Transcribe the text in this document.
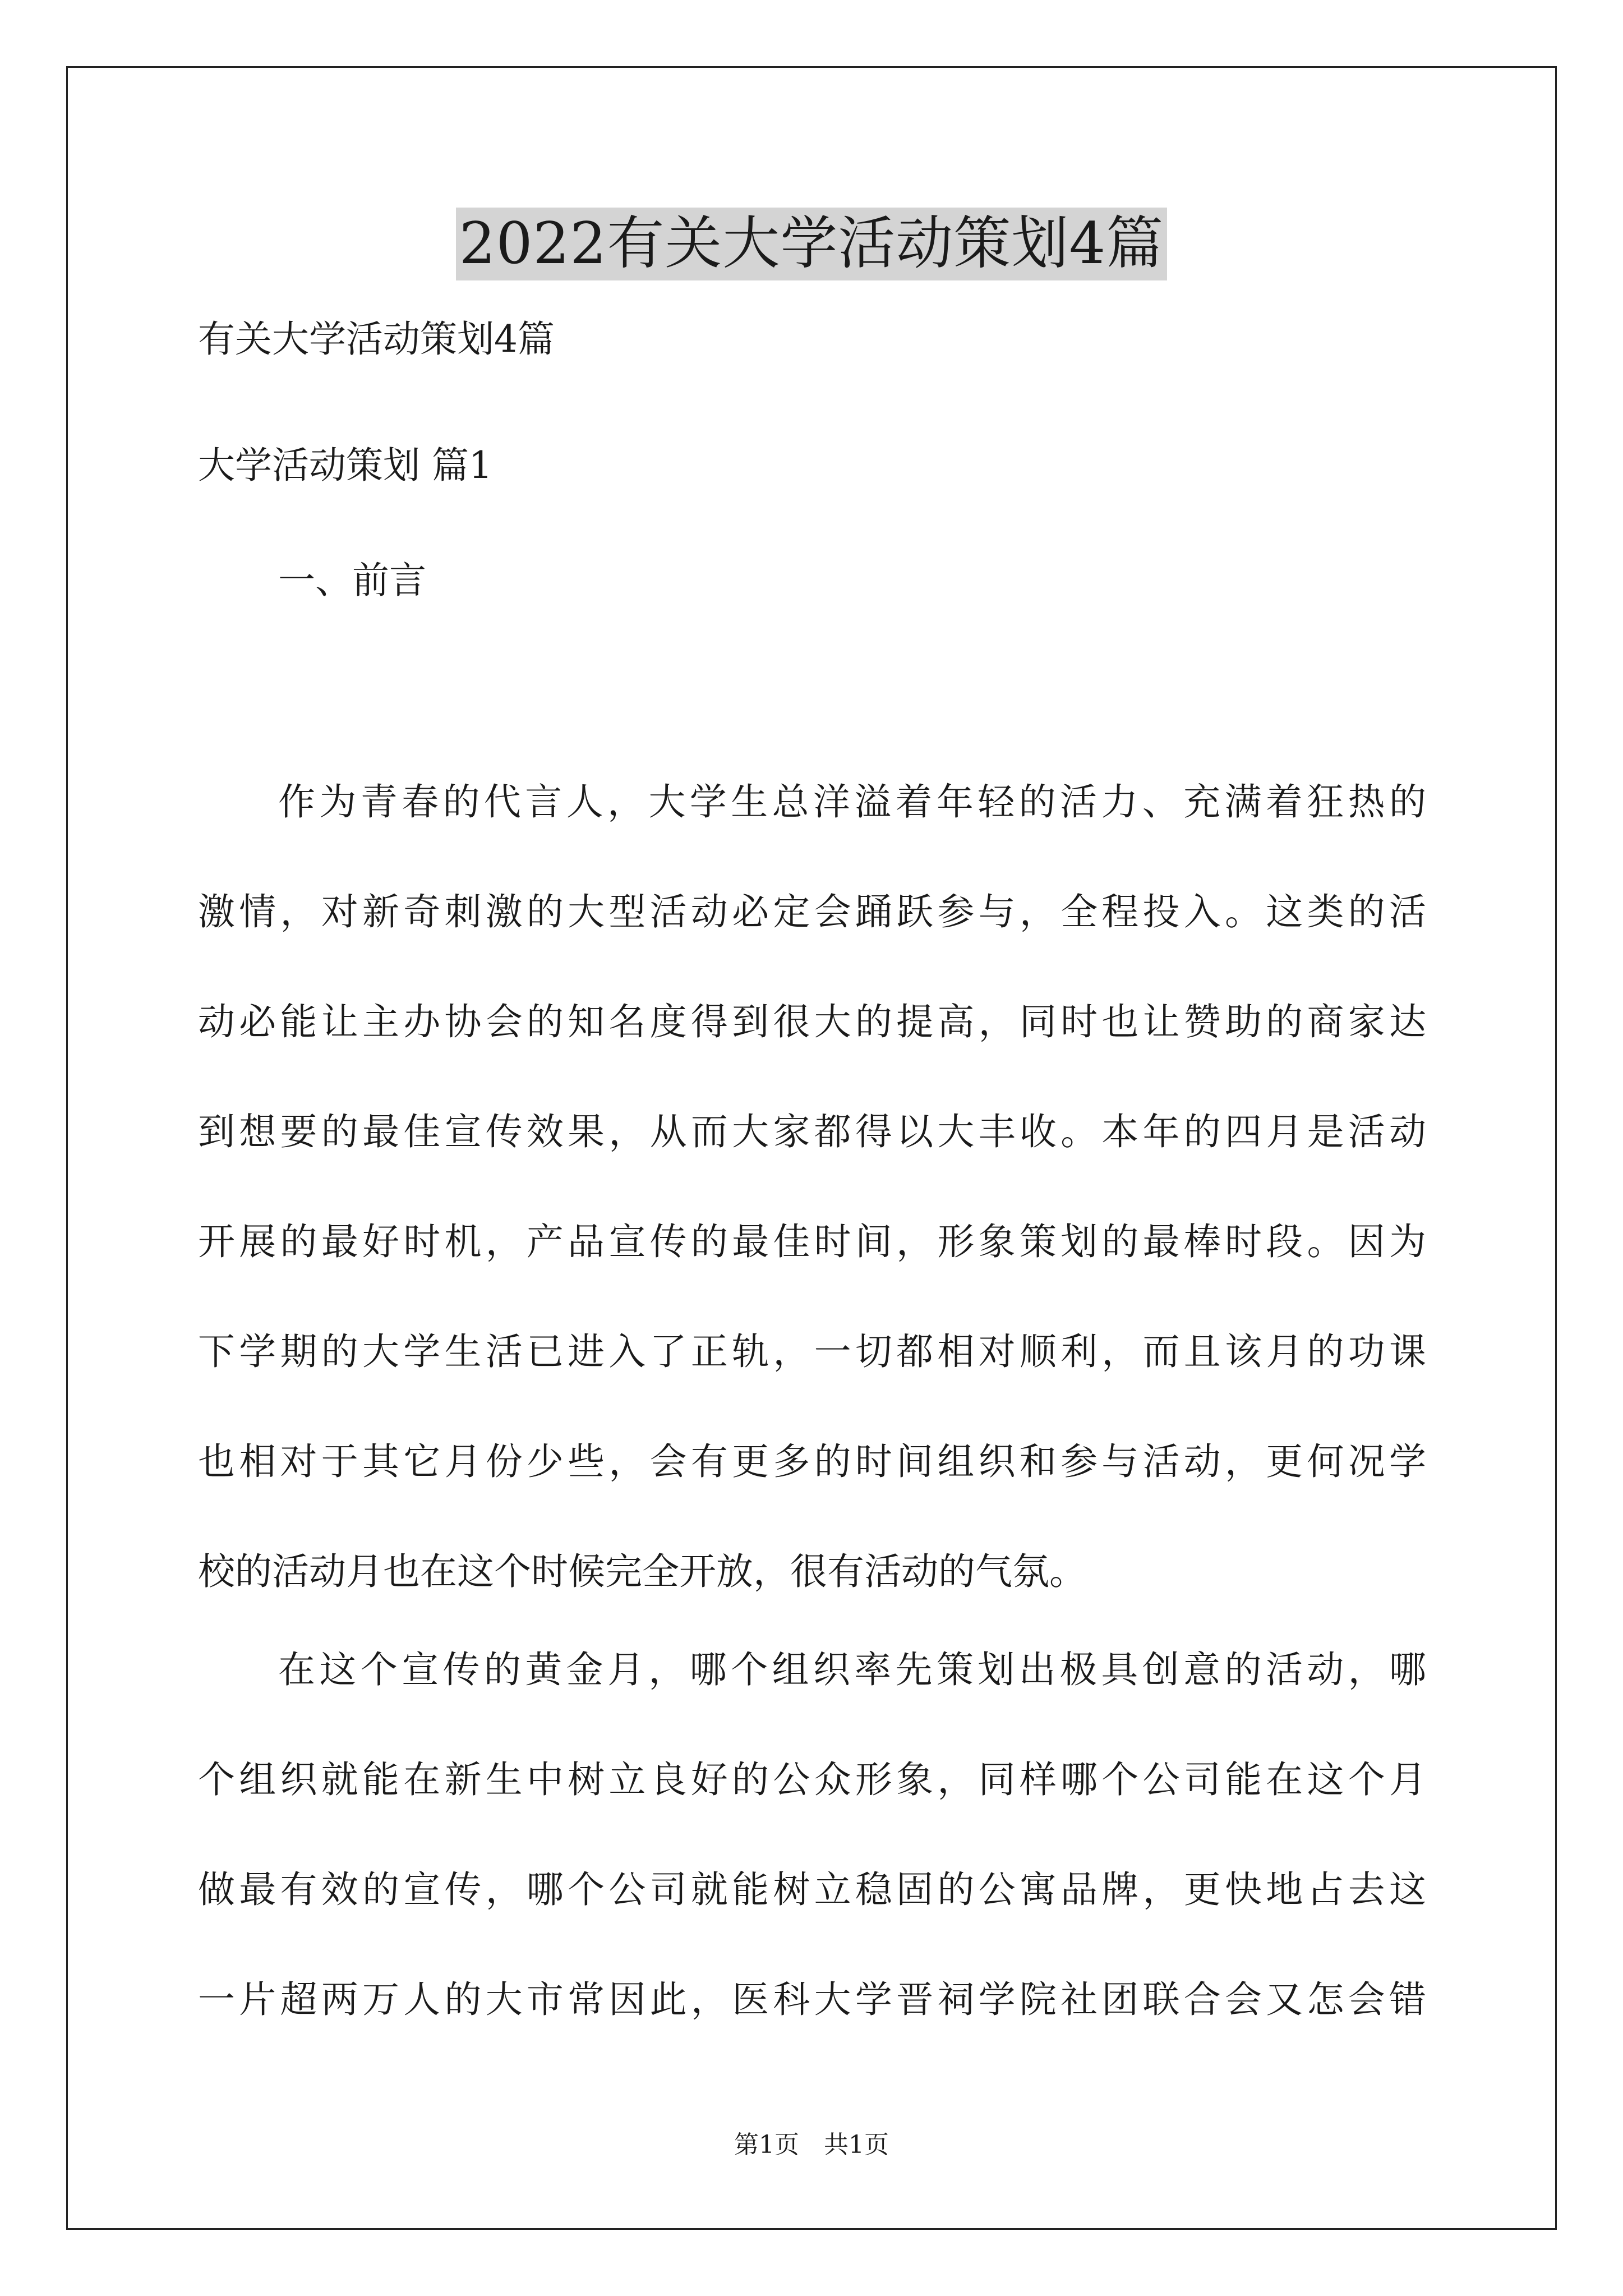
2022有关大学活动策划4篇
有关大学活动策划4篇
大学活动策划 篇1
一、前言
作为青春的代言人，大学生总洋溢着年轻的活力、充满着狂热的
激情，对新奇刺激的大型活动必定会踊跃参与，全程投入。这类的活
动必能让主办协会的知名度得到很大的提高，同时也让赞助的商家达
到想要的最佳宣传效果，从而大家都得以大丰收。本年的四月是活动
开展的最好时机，产品宣传的最佳时间，形象策划的最棒时段。因为
下学期的大学生活已进入了正轨，一切都相对顺利，而且该月的功课
也相对于其它月份少些，会有更多的时间组织和参与活动，更何况学
校的活动月也在这个时候完全开放，很有活动的气氛。
在这个宣传的黄金月，哪个组织率先策划出极具创意的活动，哪
个组织就能在新生中树立良好的公众形象，同样哪个公司能在这个月
做最有效的宣传，哪个公司就能树立稳固的公寓品牌，更快地占去这
一片超两万人的大市常因此，医科大学晋祠学院社团联合会又怎会错
第1页　共1页
